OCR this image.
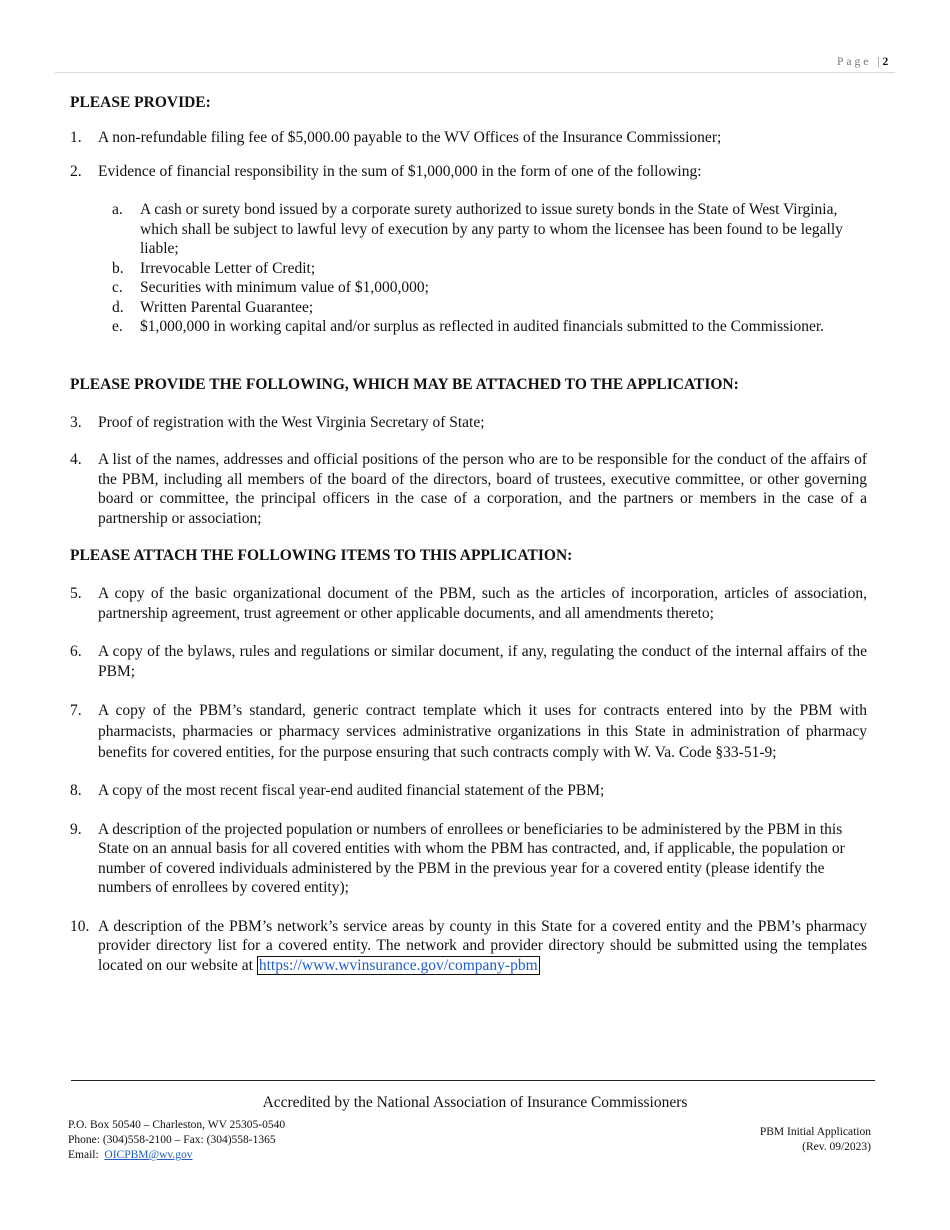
Page |2

PLEASE PROVIDE:

1. A non-refundable filing fee of $5,000.00 payable to the WV Offices of the Insurance Commissioner;

2. Evidence of financial responsibility in the sum of $1,000,000 in the form of one of the following:

a. A cash or surety bond issued by a corporate surety authorized to issue surety bonds in the State of West Virginia, which shall be subject to lawful levy of execution by any party to whom the licensee has been found to be legally liable;

b. Irrevocable Letter of Credit;

c. Securities with minimum value of $1,000,000;

d. Written Parental Guarantee;

e. $1,000,000 in working capital and/or surplus as reflected in audited financials submitted to the Commissioner.

PLEASE PROVIDE THE FOLLOWING, WHICH MAY BE ATTACHED TO THE APPLICATION:

3. Proof of registration with the West Virginia Secretary of State;

4. A list of the names, addresses and official positions of the person who are to be responsible for the conduct of the affairs of the PBM, including all members of the board of the directors, board of trustees, executive committee, or other governing board or committee, the principal officers in the case of a corporation, and the partners or members in the case of a partnership or association;

PLEASE ATTACH THE FOLLOWING ITEMS TO THIS APPLICATION:

5. A copy of the basic organizational document of the PBM, such as the articles of incorporation, articles of association, partnership agreement, trust agreement or other applicable documents, and all amendments thereto;

6. A copy of the bylaws, rules and regulations or similar document, if any, regulating the conduct of the internal affairs of the PBM;

7. A copy of the PBM’s standard, generic contract template which it uses for contracts entered into by the PBM with pharmacists, pharmacies or pharmacy services administrative organizations in this State in administration of pharmacy benefits for covered entities, for the purpose ensuring that such contracts comply with W. Va. Code §33-51-9;

8. A copy of the most recent fiscal year-end audited financial statement of the PBM;

9. A description of the projected population or numbers of enrollees or beneficiaries to be administered by the PBM in this State on an annual basis for all covered entities with whom the PBM has contracted, and, if applicable, the population or number of covered individuals administered by the PBM in the previous year for a covered entity (please identify the numbers of enrollees by covered entity);

10. A description of the PBM’s network’s service areas by county in this State for a covered entity and the PBM’s pharmacy provider directory list for a covered entity. The network and provider directory should be submitted using the templates located on our website at https://www.wvinsurance.gov/company-pbm

Accredited by the National Association of Insurance Commissioners
P.O. Box 50540 – Charleston, WV 25305-0540
Phone: (304)558-2100 – Fax: (304)558-1365
Email:  OICPBM@wv.gov
PBM Initial Application
(Rev. 09/2023)
